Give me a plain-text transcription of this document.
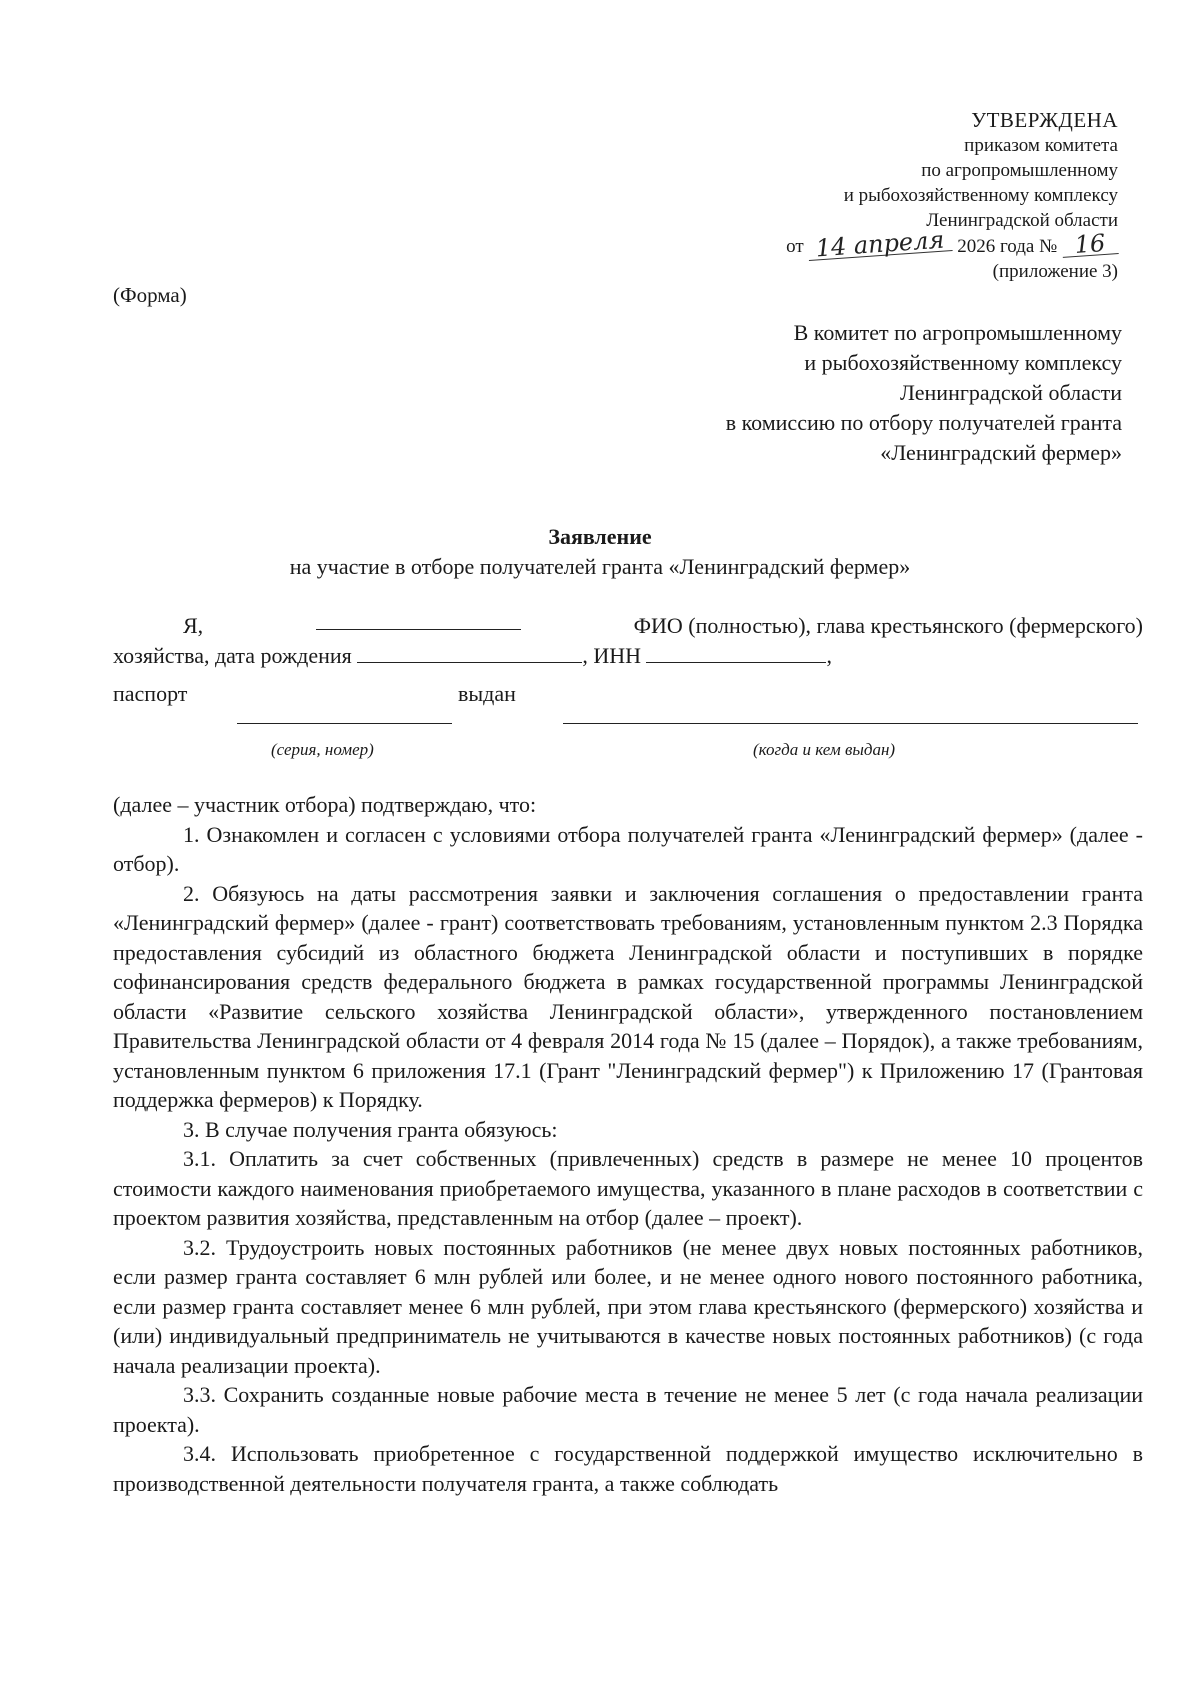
УТВЕРЖДЕНА
приказом комитета
по агропромышленному
и рыбохозяйственному комплексу
Ленинградской области
от 14 апреля 2026 года № 16
(приложение 3)
(Форма)
В комитет по агропромышленному
и рыбохозяйственному комплексу
Ленинградской области
в комиссию по отбору получателей гранта
«Ленинградский фермер»
Заявление
на участие в отборе получателей гранта «Ленинградский фермер»
Я,	ФИО (полностью), глава крестьянского (фермерского)
хозяйства, дата рождения	, ИНН	,
паспорт	выдан
(серия, номер)	(когда и кем выдан)

(далее – участник отбора) подтверждаю, что:

1. Ознакомлен и согласен с условиями отбора получателей гранта «Ленинградский фермер» (далее - отбор).

2. Обязуюсь на даты рассмотрения заявки и заключения соглашения о предоставлении гранта «Ленинградский фермер» (далее - грант) соответствовать требованиям, установленным пунктом 2.3 Порядка предоставления субсидий из областного бюджета Ленинградской области и поступивших в порядке софинансирования средств федерального бюджета в рамках государственной программы Ленинградской области «Развитие сельского хозяйства Ленинградской области», утвержденного постановлением Правительства Ленинградской области от 4 февраля 2014 года № 15 (далее – Порядок), а также требованиям, установленным пунктом 6 приложения 17.1 (Грант "Ленинградский фермер") к Приложению 17 (Грантовая поддержка фермеров) к Порядку.

3. В случае получения гранта обязуюсь:

3.1. Оплатить за счет собственных (привлеченных) средств в размере не менее 10 процентов стоимости каждого наименования приобретаемого имущества, указанного в плане расходов в соответствии с проектом развития хозяйства, представленным на отбор (далее – проект).

3.2. Трудоустроить новых постоянных работников (не менее двух новых постоянных работников, если размер гранта составляет 6 млн рублей или более, и не менее одного нового постоянного работника, если размер гранта составляет менее 6 млн рублей, при этом глава крестьянского (фермерского) хозяйства и (или) индивидуальный предприниматель не учитываются в качестве новых постоянных работников) (с года начала реализации проекта).

3.3. Сохранить созданные новые рабочие места в течение не менее 5 лет (с года начала реализации проекта).

3.4. Использовать приобретенное с государственной поддержкой имущество исключительно в производственной деятельности получателя гранта, а также соблюдать
